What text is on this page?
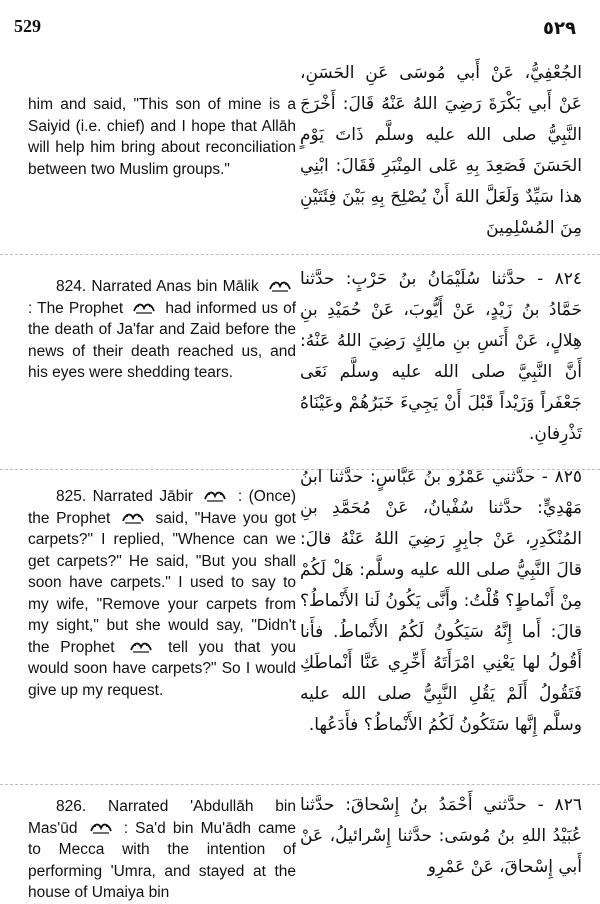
529	٥٢٩
him and said, "This son of mine is a Saiyid (i.e. chief) and I hope that Allāh will help him bring about reconciliation between two Muslim groups."
الجُعْفِيُّ، عَنْ أَبي مُوسَى عَنِ الحَسَنِ، عَنْ أَبي بَكْرَةَ رَضِيَ اللهُ عَنْهُ قَالَ: أَخْرَجَ النَّبِيُّ صلى الله عليه وسلَّم ذَاتَ يَوْمٍ الحَسَنَ فَصَعِدَ بِهِ عَلى المِنْبَرِ فَقَالَ: ابْنِي هذا سَيِّدٌ وَلَعَلَّ اللهَ أَنْ يُصْلِحَ بِهِ بَيْنَ فِئَتَيْنِ مِنَ المُسْلِمِينَ
824. Narrated Anas bin Mālik
: The Prophet	had informed us of the death of Ja'far and Zaid before the news of their death reached us, and his eyes were shedding tears.
٨٢٤ - حدَّثنا سُلَيْمَانُ بنُ حَرْبٍ: حدَّثنا حَمَّادُ بنُ زَيْدٍ، عَنْ أَيُّوبَ، عَنْ حُمَيْدِ بنِ هِلالٍ، عَنْ أَنَسِ بنِ مالِكٍ رَضِيَ اللهُ عَنْهُ: أَنَّ النَّبِيَّ صلى الله عليه وسلَّم نَعَى جَعْفَراً وَزَيْداً قَبْلَ أَنْ يَجِيءَ خَبَرُهُمْ وعَيْنَاهُ تَذْرِفانِ.
825. Narrated Jābir	: (Once) the Prophet	said, "Have you got carpets?" I replied, "Whence can we get carpets?" He said, "But you shall soon have carpets." I used to say to my wife, "Remove your carpets from my sight," but she would say, "Didn't the Prophet	tell you that you would soon have carpets?" So I would give up my request.
٨٢٥ - حدَّثني عَمْرُو بنُ عَبَّاسٍ: حدَّثنا ابنُ مَهْدِيٍّ: حدَّثنا سُفْيانُ، عَنْ مُحَمَّدِ بنِ المُنْكَدِرِ، عَنْ جابِرٍ رَضِيَ اللهُ عَنْهُ قالَ: قالَ النَّبِيُّ صلى الله عليه وسلَّم: هَلْ لَكُمْ مِنْ أَنْماطٍ؟ قُلْتُ: وأَنَّى يَكُونُ لَنا الأَنْماطُ؟ قالَ: أَما إِنَّهُ سَيَكُونُ لَكُمُ الأَنْماطُ. فأَنا أَقُولُ لها يَعْنِي امْرَأَتَهُ أَخِّرِي عَنَّا أَنْماطَكِ فَتَقُولُ أَلَمْ يَقُلِ النَّبِيُّ صلى الله عليه وسلَّم إِنَّها سَتَكُونُ لَكُمُ الأَنْماطُ؟ فأَدَعُها.
826. Narrated 'Abdullāh bin Mas'ūd	: Sa'd bin Mu'ādh came to Mecca with the intention of performing 'Umra, and stayed at the house of Umaiya bin
٨٢٦ - حدَّثني أَحْمَدُ بنُ إِسْحاقَ: حدَّثنا عُبَيْدُ اللهِ بنُ مُوسَى: حدَّثنا إِسْرائيلُ، عَنْ أَبي إِسْحاقَ، عَنْ عَمْرِو
